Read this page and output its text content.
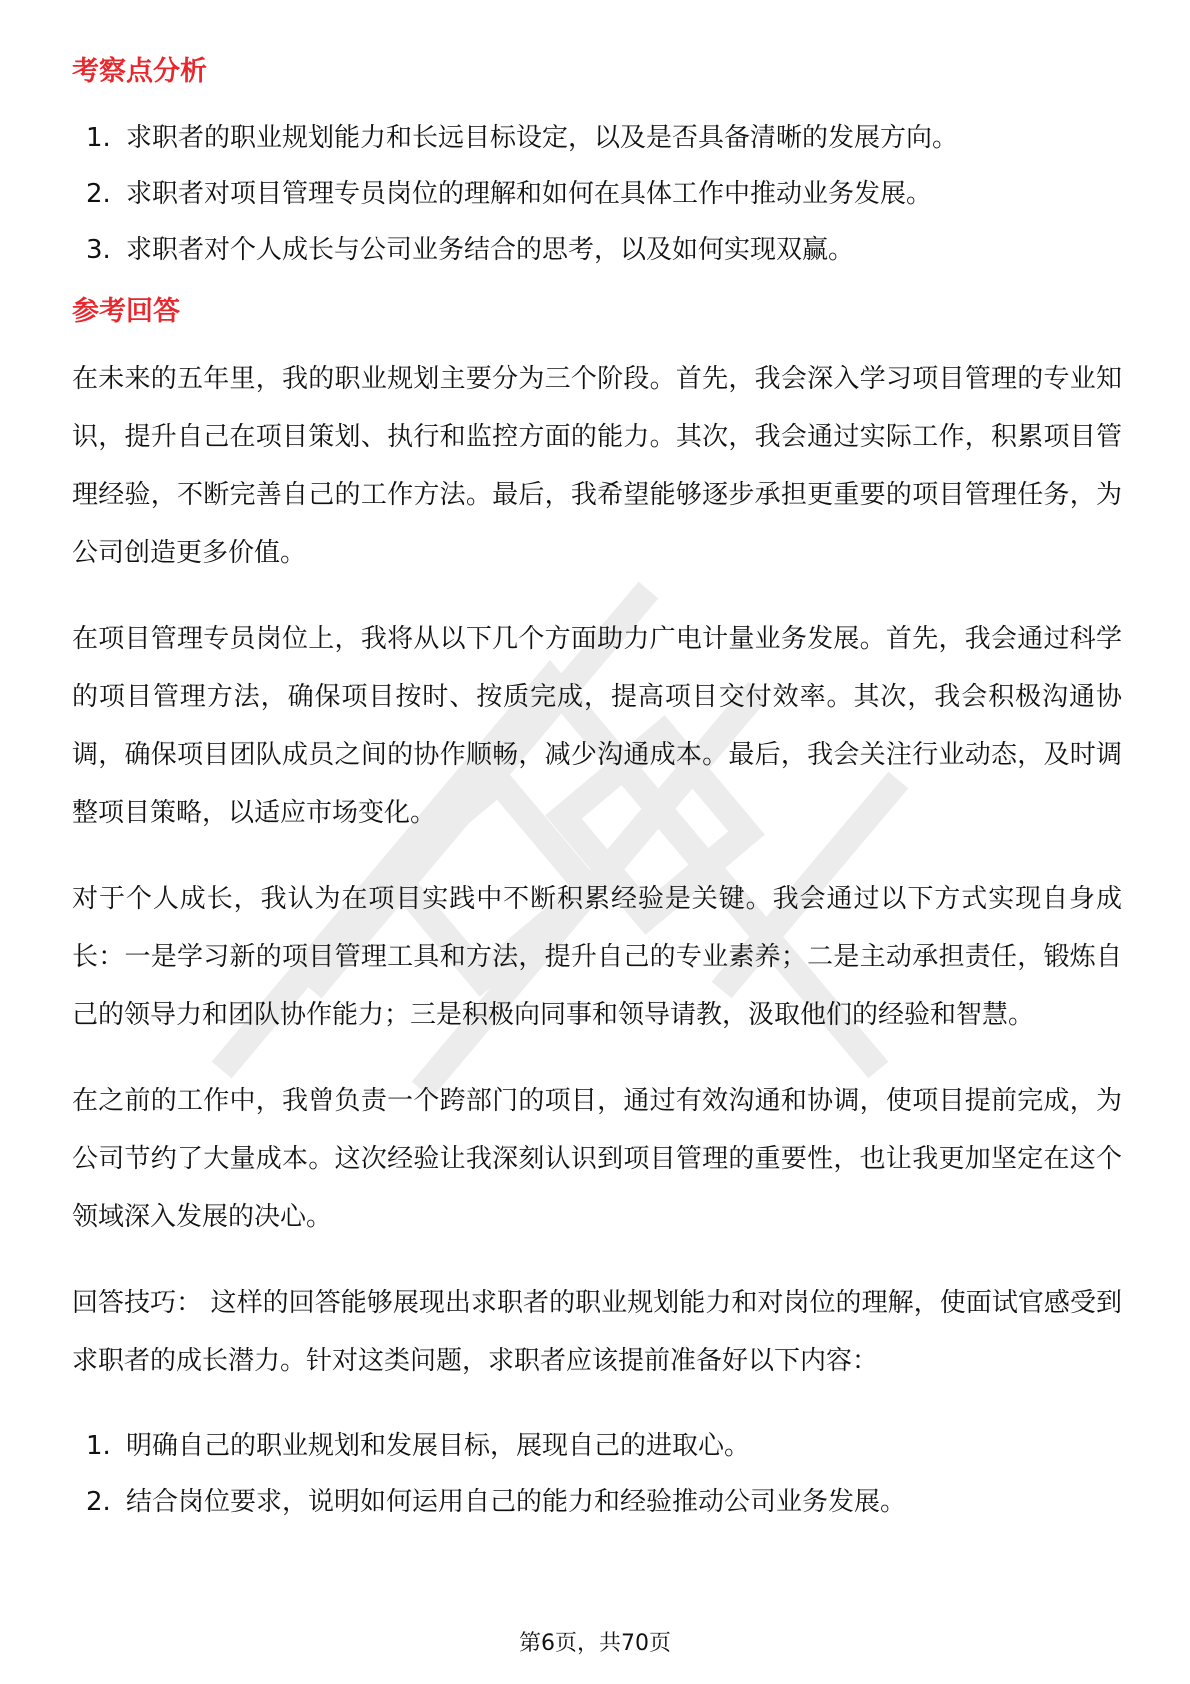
考察点分析
1. 求职者的职业规划能力和长远目标设定，以及是否具备清晰的发展方向。
2. 求职者对项目管理专员岗位的理解和如何在具体工作中推动业务发展。
3. 求职者对个人成长与公司业务结合的思考，以及如何实现双赢。
参考回答

在未来的五年里，我的职业规划主要分为三个阶段。首先，我会深入学习项目管理的专业知识，提升自己在项目策划、执行和监控方面的能力。其次，我会通过实际工作，积累项目管理经验，不断完善自己的工作方法。最后，我希望能够逐步承担更重要的项目管理任务，为公司创造更多价值。

在项目管理专员岗位上，我将从以下几个方面助力广电计量业务发展。首先，我会通过科学的项目管理方法，确保项目按时、按质完成，提高项目交付效率。其次，我会积极沟通协调，确保项目团队成员之间的协作顺畅，减少沟通成本。最后，我会关注行业动态，及时调整项目策略，以适应市场变化。

对于个人成长，我认为在项目实践中不断积累经验是关键。我会通过以下方式实现自身成长：一是学习新的项目管理工具和方法，提升自己的专业素养；二是主动承担责任，锻炼自己的领导力和团队协作能力；三是积极向同事和领导请教，汲取他们的经验和智慧。

在之前的工作中，我曾负责一个跨部门的项目，通过有效沟通和协调，使项目提前完成，为公司节约了大量成本。这次经验让我深刻认识到项目管理的重要性，也让我更加坚定在这个领域深入发展的决心。

回答技巧： 这样的回答能够展现出求职者的职业规划能力和对岗位的理解，使面试官感受到求职者的成长潜力。针对这类问题，求职者应该提前准备好以下内容：

1. 明确自己的职业规划和发展目标，展现自己的进取心。
2. 结合岗位要求，说明如何运用自己的能力和经验推动公司业务发展。
第6页，共70页
